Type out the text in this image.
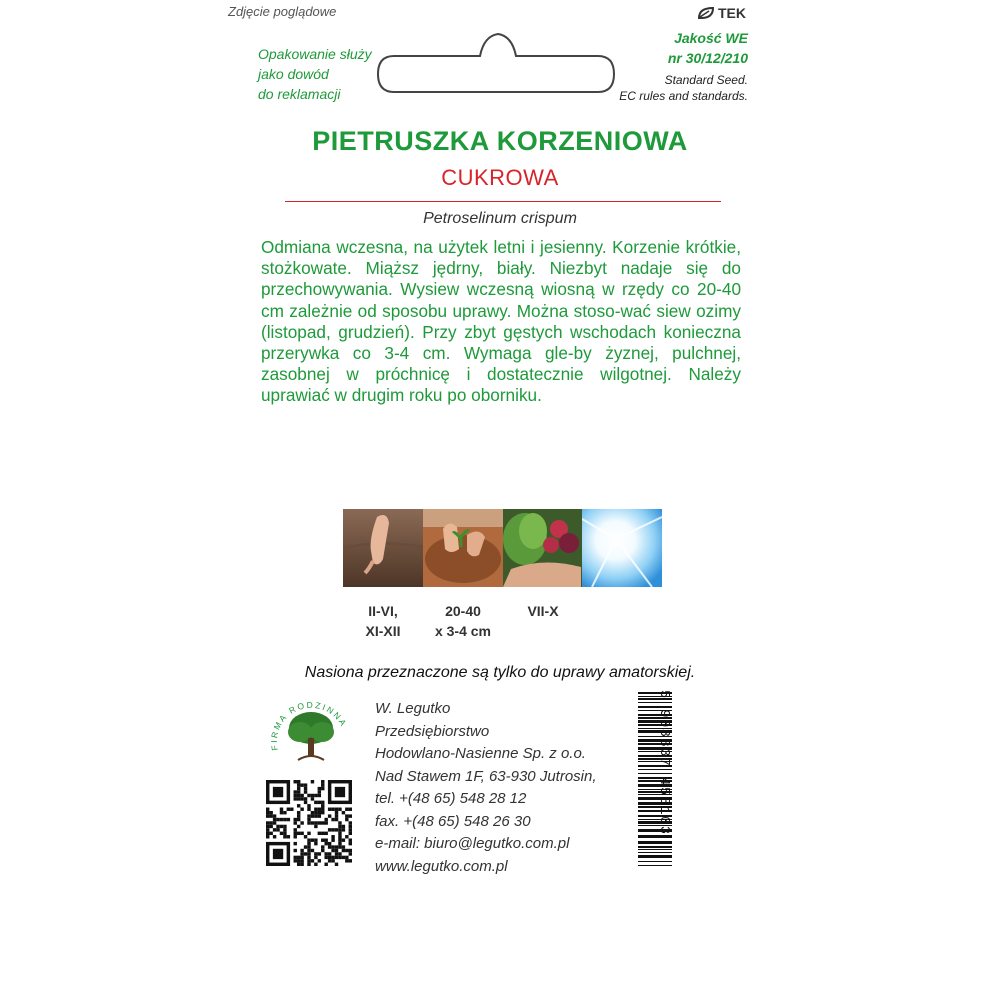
Zdjęcie poglądowe
Opakowanie służy
jako dowód
do reklamacji
TEK
Jakość WE
nr 30/12/210
Standard Seed.
EC rules and standards.
PIETRUSZKA KORZENIOWA
CUKROWA
Petroselinum crispum
Odmiana wczesna, na użytek letni i jesienny. Korzenie krótkie, stożkowate. Miąższ jędrny, biały. Niezbyt nadaje się do przechowywania. Wysiew wczesną wiosną w rzędy co 20-40 cm zależnie od sposobu uprawy. Można stoso-wać siew ozimy (listopad, grudzień). Przy zbyt gęstych wschodach konieczna przerywka co 3-4 cm. Wymaga gle-by żyznej, pulchnej, zasobnej w próchnicę i dostatecznie wilgotnej. Należy uprawiać w drugim roku po oborniku.
II-VI,
XI-XII
20-40
x 3-4 cm
VII-X
Nasiona przeznaczone są tylko do uprawy amatorskiej.
FIRMA RODZINNA
W. Legutko
Przedsiębiorstwo
Hodowlano-Nasienne Sp. z o.o.
Nad Stawem 1F, 63-930 Jutrosin,
tel. +(48 65) 548 28 12
fax. +(48 65) 548 26 30
e-mail: biuro@legutko.com.pl
www.legutko.com.pl
5 903837 458103
